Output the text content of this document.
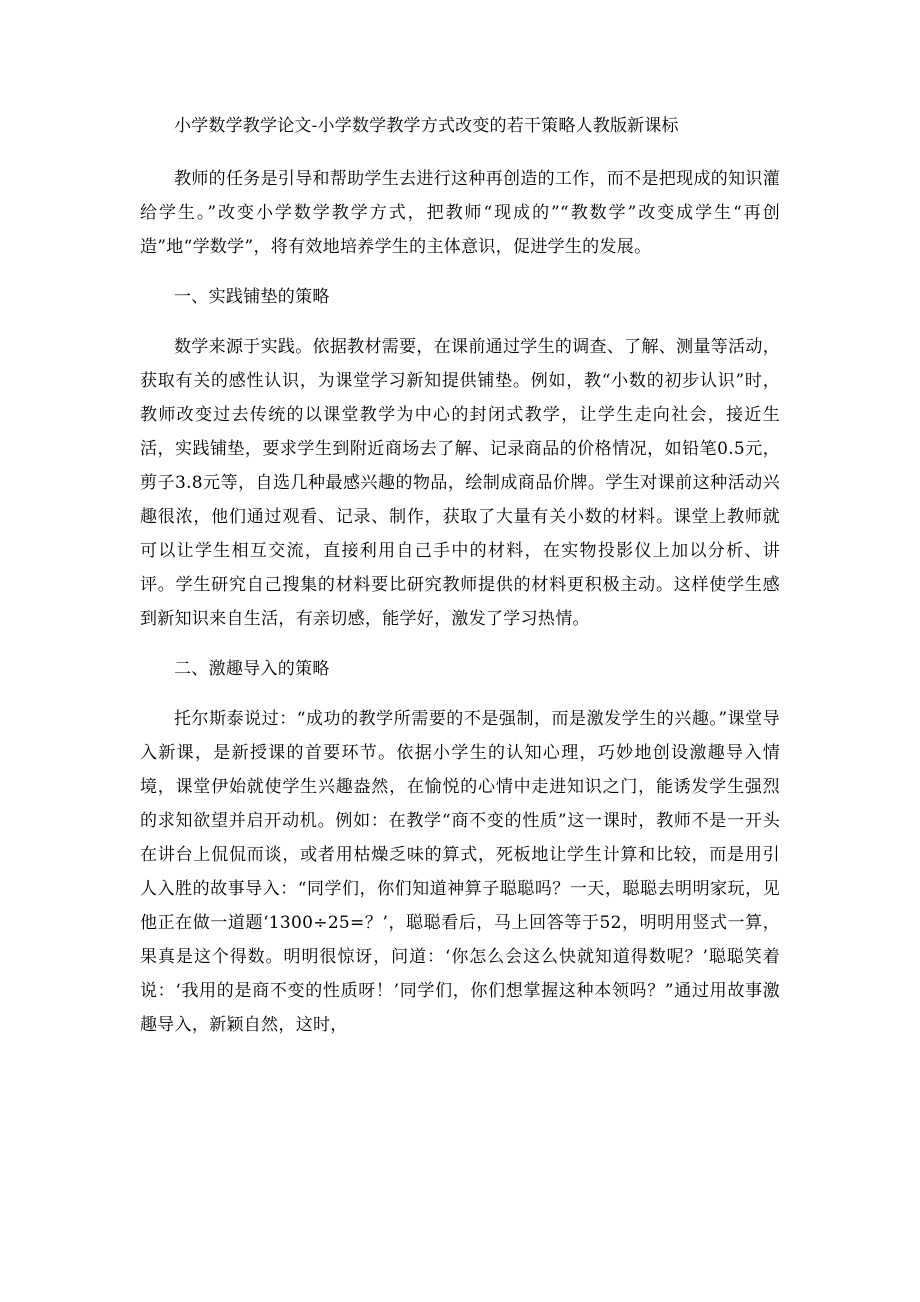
小学数学教学论文-小学数学教学方式改变的若干策略人教版新课标

教师的任务是引导和帮助学生去进行这种再创造的工作，而不是把现成的知识灌给学生。”改变小学数学教学方式，把教师“现成的”“教数学”改变成学生“再创造”地“学数学”，将有效地培养学生的主体意识，促进学生的发展。

一、实践铺垫的策略

数学来源于实践。依据教材需要，在课前通过学生的调查、了解、测量等活动，获取有关的感性认识，为课堂学习新知提供铺垫。例如，教“小数的初步认识”时，教师改变过去传统的以课堂教学为中心的封闭式教学，让学生走向社会，接近生活，实践铺垫，要求学生到附近商场去了解、记录商品的价格情况，如铅笔0.5元，剪子3.8元等，自选几种最感兴趣的物品，绘制成商品价牌。学生对课前这种活动兴趣很浓，他们通过观看、记录、制作，获取了大量有关小数的材料。课堂上教师就可以让学生相互交流，直接利用自己手中的材料，在实物投影仪上加以分析、讲评。学生研究自己搜集的材料要比研究教师提供的材料更积极主动。这样使学生感到新知识来自生活，有亲切感，能学好，激发了学习热情。

二、激趣导入的策略

托尔斯泰说过：“成功的教学所需要的不是强制，而是激发学生的兴趣。”课堂导入新课，是新授课的首要环节。依据小学生的认知心理，巧妙地创设激趣导入情境，课堂伊始就使学生兴趣盎然，在愉悦的心情中走进知识之门，能诱发学生强烈的求知欲望并启开动机。例如：在教学“商不变的性质”这一课时，教师不是一开头在讲台上侃侃而谈，或者用枯燥乏味的算式，死板地让学生计算和比较，而是用引人入胜的故事导入：“同学们，你们知道神算子聪聪吗？一天，聪聪去明明家玩，见他正在做一道题‘1300÷25=？’，聪聪看后，马上回答等于52，明明用竖式一算，果真是这个得数。明明很惊讶，问道：‘你怎么会这么快就知道得数呢？’聪聪笑着说：‘我用的是商不变的性质呀！’同学们，你们想掌握这种本领吗？”通过用故事激趣导入，新颖自然，这时，
